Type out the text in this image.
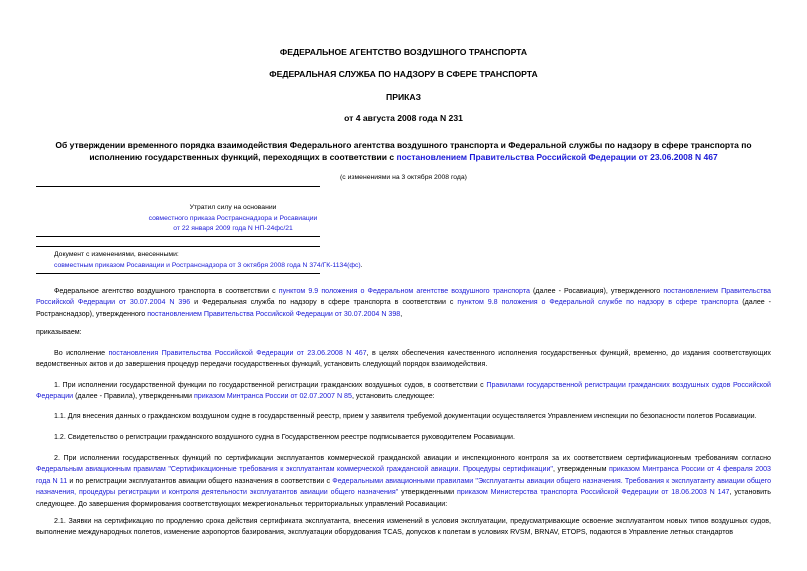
ФЕДЕРАЛЬНОЕ АГЕНТСТВО ВОЗДУШНОГО ТРАНСПОРТА
ФЕДЕРАЛЬНАЯ СЛУЖБА ПО НАДЗОРУ В СФЕРЕ ТРАНСПОРТА
ПРИКАЗ
от 4 августа 2008 года N 231
Об утверждении временного порядка взаимодействия Федерального агентства воздушного транспорта и Федеральной службы по надзору в сфере транспорта по исполнению государственных функций, переходящих в соответствии с постановлением Правительства Российской Федерации от 23.06.2008 N 467
(с изменениями на 3 октября 2008 года)
Утратил силу на основании
совместного приказа Ространснадзора и Росавиации
от 22 января 2009 года N НП-24фс/21
Документ с изменениями, внесенными:
совместным приказом Росавиации и Ространснадзора от 3 октября 2008 года N 374/ГК-1134(фс).
Федеральное агентство воздушного транспорта в соответствии с пунктом 9.9 положения о Федеральном агентстве воздушного транспорта (далее - Росавиация), утвержденного постановлением Правительства Российской Федерации от 30.07.2004 N 396 и Федеральная служба по надзору в сфере транспорта в соответствии с пунктом 9.8 положения о Федеральной службе по надзору в сфере транспорта (далее - Ространснадзор), утвержденного постановлением Правительства Российской Федерации от 30.07.2004 N 398,
приказываем:
Во исполнение постановления Правительства Российской Федерации от 23.06.2008 N 467, в целях обеспечения качественного исполнения государственных функций, временно, до издания соответствующих ведомственных актов и до завершения процедур передачи государственных функций, установить следующий порядок взаимодействия.
1. При исполнении государственной функции по государственной регистрации гражданских воздушных судов, в соответствии с Правилами государственной регистрации гражданских воздушных судов Российской Федерации (далее - Правила), утвержденными приказом Минтранса России от 02.07.2007 N 85, установить следующее:
1.1. Для внесения данных о гражданском воздушном судне в государственный реестр, прием у заявителя требуемой документации осуществляется Управлением инспекции по безопасности полетов Росавиации.
1.2. Свидетельство о регистрации гражданского воздушного судна в Государственном реестре подписывается руководителем Росавиации.
2. При исполнении государственных функций по сертификации эксплуатантов коммерческой гражданской авиации и инспекционного контроля за их соответствием сертификационным требованиям согласно Федеральным авиационным правилам "Сертификационные требования к эксплуатантам коммерческой гражданской авиации. Процедуры сертификации", утвержденным приказом Минтранса России от 4 февраля 2003 года N 11 и по регистрации эксплуатантов авиации общего назначения в соответствии с Федеральными авиационными правилами "Эксплуатанты авиации общего назначения. Требования к эксплуатанту авиации общего назначения, процедуры регистрации и контроля деятельности эксплуатантов авиации общего назначения" утвержденными приказом Министерства транспорта Российской Федерации от 18.06.2003 N 147, установить следующее. До завершения формирования соответствующих межрегиональных территориальных управлений Росавиации:
2.1. Заявки на сертификацию по продлению срока действия сертификата эксплуатанта, внесения изменений в условия эксплуатации, предусматривающие освоение эксплуатантом новых типов воздушных судов, выполнение международных полетов, изменение аэропортов базирования, эксплуатации оборудования TCAS, допусков к полетам в условиях RVSM, BRNAV, ETOPS, подаются в Управление летных стандартов
